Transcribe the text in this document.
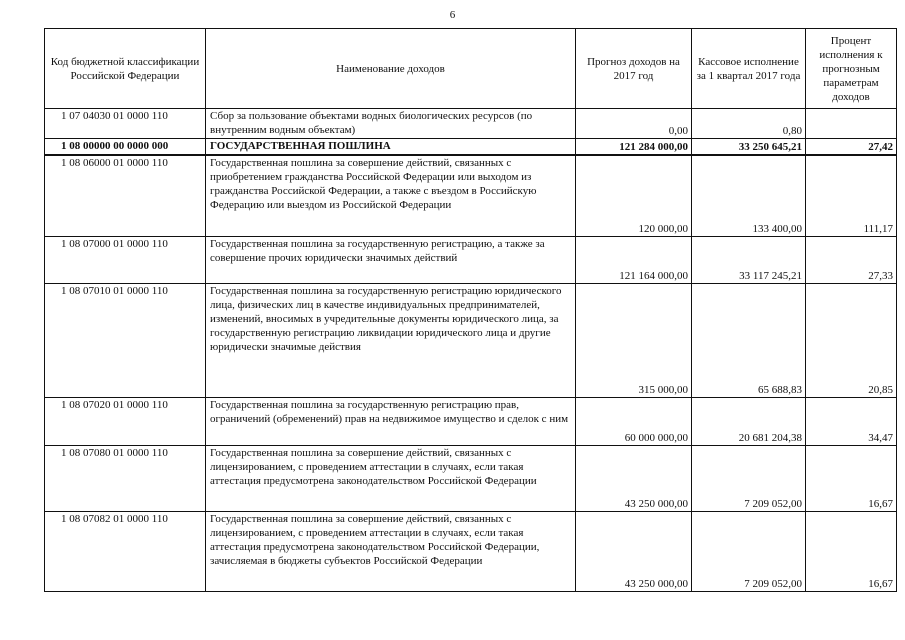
6
Код бюджетной классификации Российской Федерации	Наименование доходов	Прогноз доходов на 2017 год	Кассовое исполнение за 1 квартал 2017 года	Процент исполнения к прогнозным параметрам доходов
1 07 04030 01 0000 110	Сбор за пользование объектами водных биологических ресурсов (по внутренним водным объектам)	0,00	0,80	
1 08 00000 00 0000 000	ГОСУДАРСТВЕННАЯ ПОШЛИНА	121 284 000,00	33 250 645,21	27,42
1 08 06000 01 0000 110	Государственная пошлина за совершение действий, связанных с приобретением гражданства Российской Федерации или выходом из гражданства Российской Федерации, а также с въездом в Российскую Федерацию или выездом из Российской Федерации	120 000,00	133 400,00	111,17
1 08 07000 01 0000 110	Государственная пошлина за государственную регистрацию, а также за совершение прочих юридически значимых действий	121 164 000,00	33 117 245,21	27,33
1 08 07010 01 0000 110	Государственная пошлина за государственную регистрацию юридического лица, физических лиц в качестве индивидуальных предпринимателей, изменений, вносимых в учредительные документы юридического лица, за государственную регистрацию ликвидации юридического лица и другие юридически значимые действия	315 000,00	65 688,83	20,85
1 08 07020 01 0000 110	Государственная пошлина за государственную регистрацию прав, ограничений (обременений) прав на недвижимое имущество и сделок с ним	60 000 000,00	20 681 204,38	34,47
1 08 07080 01 0000 110	Государственная пошлина за совершение действий, связанных с лицензированием, с проведением аттестации в случаях, если такая аттестация предусмотрена законодательством Российской Федерации	43 250 000,00	7 209 052,00	16,67
1 08 07082 01 0000 110	Государственная пошлина за совершение действий, связанных с лицензированием, с проведением аттестации в случаях, если такая аттестация предусмотрена законодательством Российской Федерации, зачисляемая в бюджеты субъектов Российской Федерации	43 250 000,00	7 209 052,00	16,67
